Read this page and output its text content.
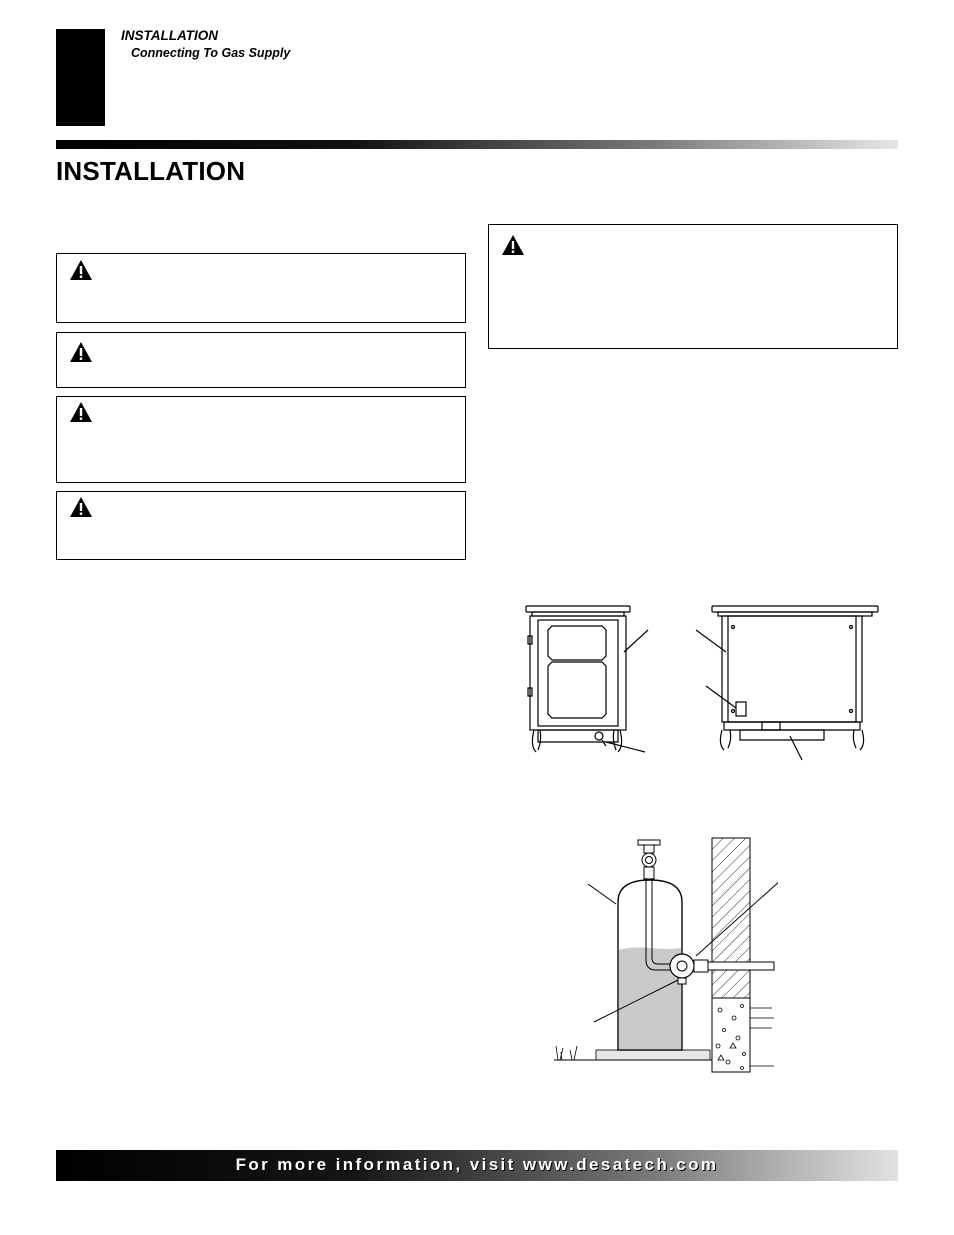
INSTALLATION
Connecting To Gas Supply
INSTALLATION
For more information, visit www.desatech.com
